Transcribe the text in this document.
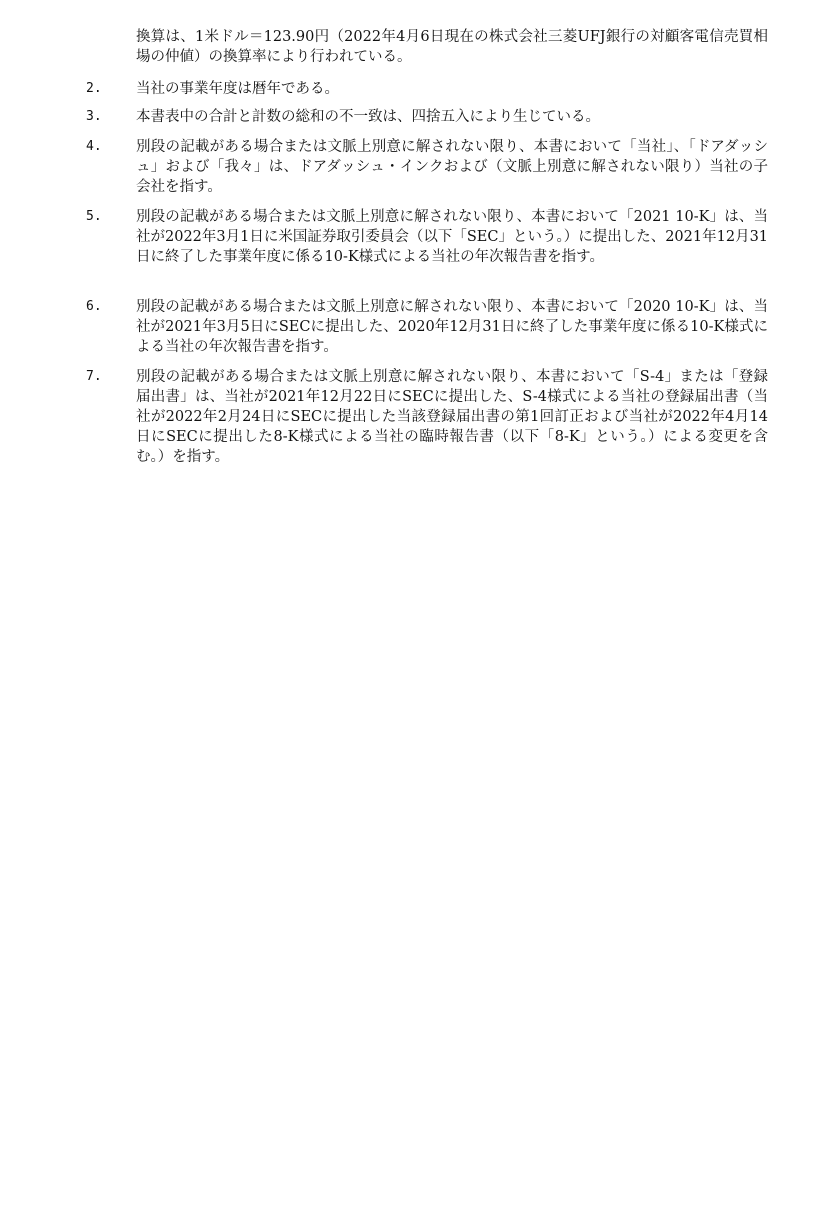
換算は、1米ドル＝123.90円（2022年4月6日現在の株式会社三菱UFJ銀行の対顧客電信売買相場の仲値）の換算率により行われている。
2.	当社の事業年度は暦年である。
3.	本書表中の合計と計数の総和の不一致は、四捨五入により生じている。
4.	別段の記載がある場合または文脈上別意に解されない限り、本書において「当社」、「ドアダッシュ」および「我々」は、ドアダッシュ・インクおよび（文脈上別意に解されない限り）当社の子会社を指す。
5.	別段の記載がある場合または文脈上別意に解されない限り、本書において「2021 10-K」は、当社が2022年3月1日に米国証券取引委員会（以下「SEC」という。）に提出した、2021年12月31日に終了した事業年度に係る10-K様式による当社の年次報告書を指す。
6.	別段の記載がある場合または文脈上別意に解されない限り、本書において「2020 10-K」は、当社が2021年3月5日にSECに提出した、2020年12月31日に終了した事業年度に係る10-K様式による当社の年次報告書を指す。
7.	別段の記載がある場合または文脈上別意に解されない限り、本書において「S-4」または「登録届出書」は、当社が2021年12月22日にSECに提出した、S-4様式による当社の登録届出書（当社が2022年2月24日にSECに提出した当該登録届出書の第1回訂正および当社が2022年4月14日にSECに提出した8-K様式による当社の臨時報告書（以下「8-K」という。）による変更を含む。）を指す。
